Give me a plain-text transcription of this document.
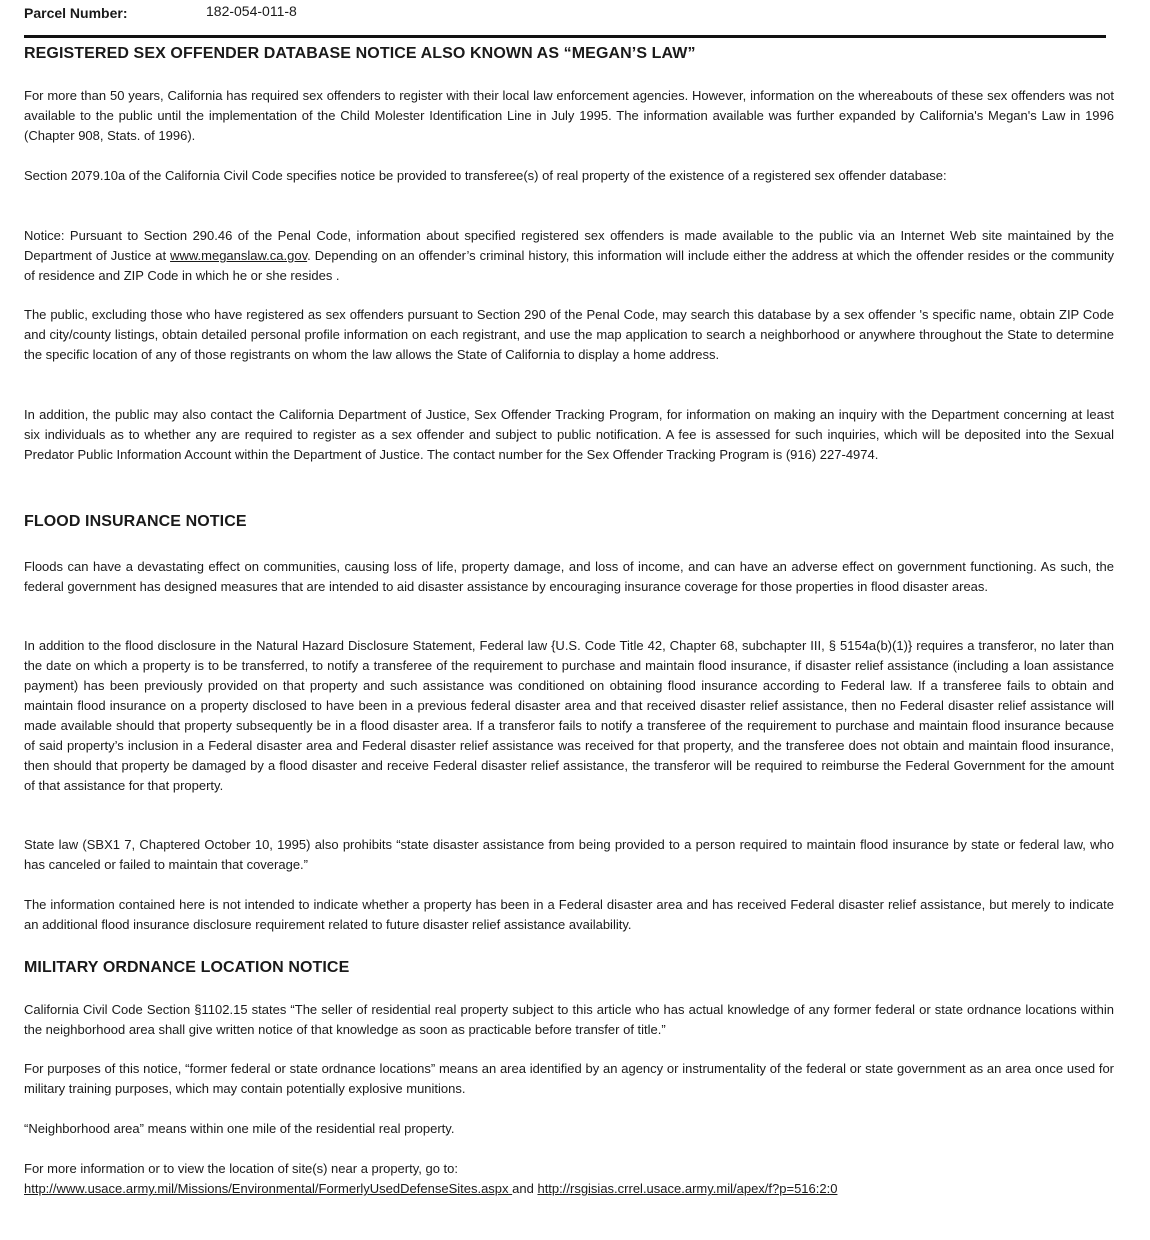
Parcel Number:	182-054-011-8
REGISTERED SEX OFFENDER DATABASE NOTICE ALSO KNOWN AS “MEGAN’S LAW”

For more than 50 years, California has required sex offenders to register with their local law enforcement agencies. However, information on the whereabouts of these sex offenders was not available to the public until the implementation of the Child Molester Identification Line in July 1995. The information available was further expanded by California's Megan's Law in 1996 (Chapter 908, Stats. of 1996).

Section 2079.10a of the California Civil Code specifies notice be provided to transferee(s) of real property of the existence of a registered sex offender database:

Notice: Pursuant to Section 290.46 of the Penal Code, information about specified registered sex offenders is made available to the public via an Internet Web site maintained by the Department of Justice at www.meganslaw.ca.gov. Depending on an offender’s criminal history, this information will include either the address at which the offender resides or the community of residence and ZIP Code in which he or she resides .

The public, excluding those who have registered as sex offenders pursuant to Section 290 of the Penal Code, may search this database by a sex offender 's specific name, obtain ZIP Code and city/county listings, obtain detailed personal profile information on each registrant, and use the map application to search a neighborhood or anywhere throughout the State to determine the specific location of any of those registrants on whom the law allows the State of California to display a home address.

In addition, the public may also contact the California Department of Justice, Sex Offender Tracking Program, for information on making an inquiry with the Department concerning at least six individuals as to whether any are required to register as a sex offender and subject to public notification. A fee is assessed for such inquiries, which will be deposited into the Sexual Predator Public Information Account within the Department of Justice. The contact number for the Sex Offender Tracking Program is (916) 227-4974.

FLOOD INSURANCE NOTICE

Floods can have a devastating effect on communities, causing loss of life, property damage, and loss of income, and can have an adverse effect on government functioning. As such, the federal government has designed measures that are intended to aid disaster assistance by encouraging insurance coverage for those properties in flood disaster areas.

In addition to the flood disclosure in the Natural Hazard Disclosure Statement, Federal law {U.S. Code Title 42, Chapter 68, subchapter III, § 5154a(b)(1)} requires a transferor, no later than the date on which a property is to be transferred, to notify a transferee of the requirement to purchase and maintain flood insurance, if disaster relief assistance (including a loan assistance payment) has been previously provided on that property and such assistance was conditioned on obtaining flood insurance according to Federal law. If a transferee fails to obtain and maintain flood insurance on a property disclosed to have been in a previous federal disaster area and that received disaster relief assistance, then no Federal disaster relief assistance will made available should that property subsequently be in a flood disaster area. If a transferor fails to notify a transferee of the requirement to purchase and maintain flood insurance because of said property’s inclusion in a Federal disaster area and Federal disaster relief assistance was received for that property, and the transferee does not obtain and maintain flood insurance, then should that property be damaged by a flood disaster and receive Federal disaster relief assistance, the transferor will be required to reimburse the Federal Government for the amount of that assistance for that property.

State law (SBX1 7, Chaptered October 10, 1995) also prohibits “state disaster assistance from being provided to a person required to maintain flood insurance by state or federal law, who has canceled or failed to maintain that coverage.”

The information contained here is not intended to indicate whether a property has been in a Federal disaster area and has received Federal disaster relief assistance, but merely to indicate an additional flood insurance disclosure requirement related to future disaster relief assistance availability.

MILITARY ORDNANCE LOCATION NOTICE

California Civil Code Section §1102.15 states “The seller of residential real property subject to this article who has actual knowledge of any former federal or state ordnance locations within the neighborhood area shall give written notice of that knowledge as soon as practicable before transfer of title.”

For purposes of this notice, “former federal or state ordnance locations” means an area identified by an agency or instrumentality of the federal or state government as an area once used for military training purposes, which may contain potentially explosive munitions.

“Neighborhood area” means within one mile of the residential real property.

For more information or to view the location of site(s) near a property, go to:
http://www.usace.army.mil/Missions/Environmental/FormerlyUsedDefenseSites.aspx and http://rsgisias.crrel.usace.army.mil/apex/f?p=516:2:0
